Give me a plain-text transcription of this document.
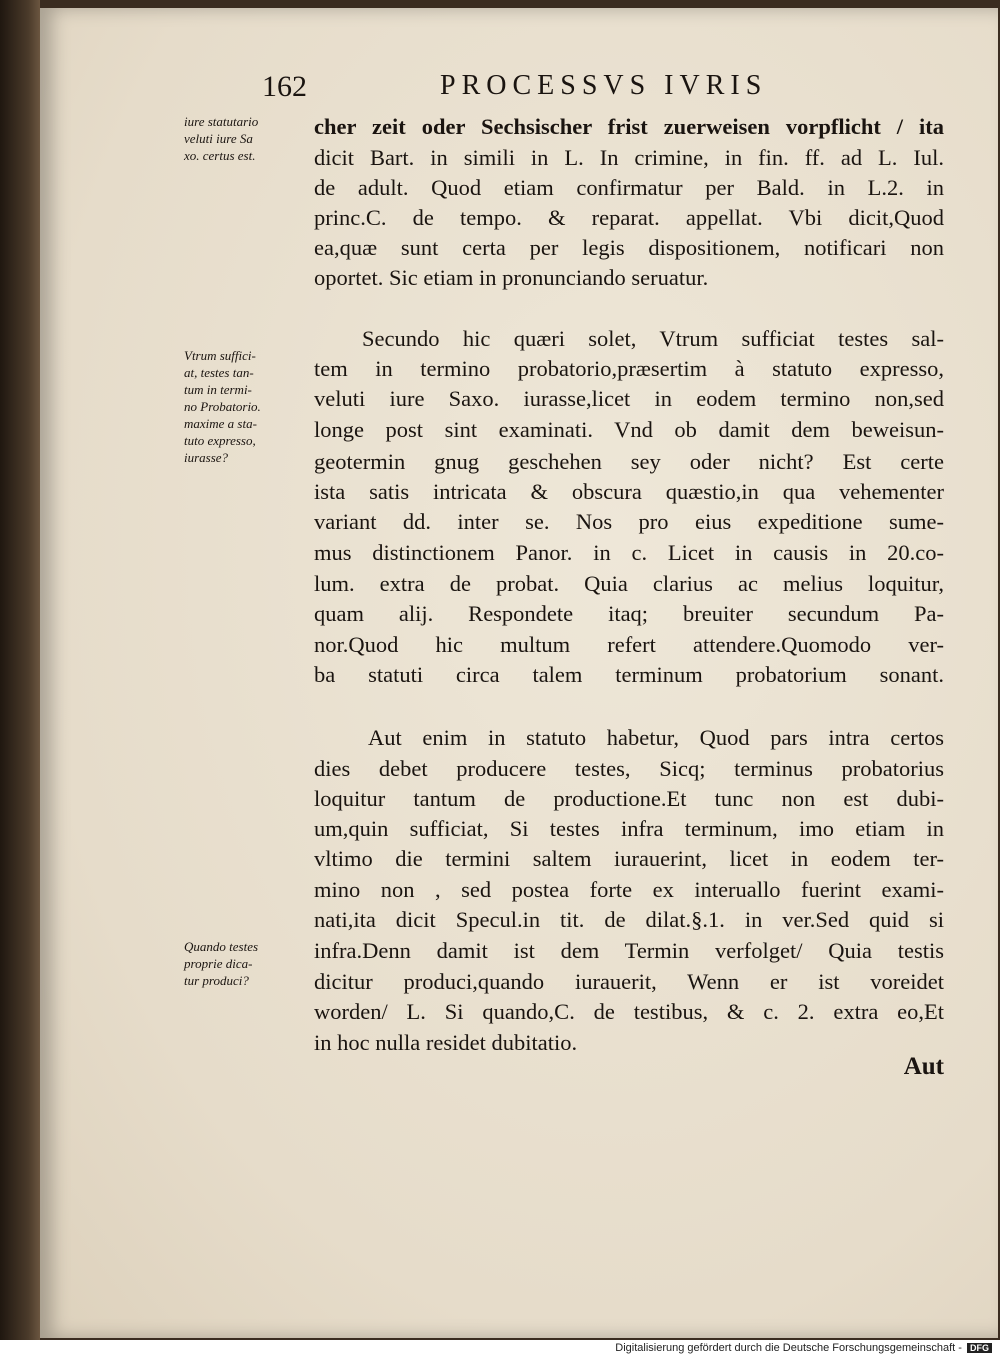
162	PROCESSVS IVRIS
iure statutario
veluti iure Sa
xo. certus est.
Vtrum suffici-
at, testes tan-
tum in termi-
no Probatorio.
maxime a sta-
tuto expresso,
iurasse?
Quando testes
proprie dica-
tur produci?
cher zeit oder Sechsischer frist zuerweisen vorpflicht / ita
dicit Bart. in simili in L. In crimine, in fin. ff. ad L. Iul.
de adult. Quod etiam confirmatur per Bald. in L.2. in
princ.C. de tempo. & reparat. appellat. Vbi dicit,Quod
ea,quæ sunt certa per legis dispositionem, notificari non
oportet. Sic etiam in pronunciando seruatur.
Secundo hic quæri solet, Vtrum sufficiat testes sal-
tem in termino probatorio,præsertim à statuto expresso,
veluti iure Saxo. iurasse,licet in eodem termino non,sed
longe post sint examinati. Vnd ob damit dem beweisun-
geotermin gnug geschehen sey oder nicht? Est certe
ista satis intricata & obscura quæstio,in qua vehementer
variant dd. inter se. Nos pro eius expeditione sume-
mus distinctionem Panor. in c. Licet in causis in 20.co-
lum. extra de probat. Quia clarius ac melius loquitur,
quam alij. Respondete itaq; breuiter secundum Pa-
nor.Quod hic multum refert attendere.Quomodo ver-
ba statuti circa talem terminum probatorium sonant.
Aut enim in statuto habetur, Quod pars intra certos
dies debet producere testes, Sicq; terminus probatorius
loquitur tantum de productione.Et tunc non est dubi-
um,quin sufficiat, Si testes infra terminum, imo etiam in
vltimo die termini saltem iurauerint, licet in eodem ter-
mino non , sed postea forte ex interuallo fuerint exami-
nati,ita dicit Specul.in tit. de dilat.§.1. in ver.Sed quid si
infra.Denn damit ist dem Termin verfolget/ Quia testis
dicitur produci,quando iurauerit, Wenn er ist voreidet
worden/ L. Si quando,C. de testibus, & c. 2. extra eo,Et
in hoc nulla residet dubitatio.
Aut
Digitalisierung gefördert durch die Deutsche Forschungsgemeinschaft - DFG
